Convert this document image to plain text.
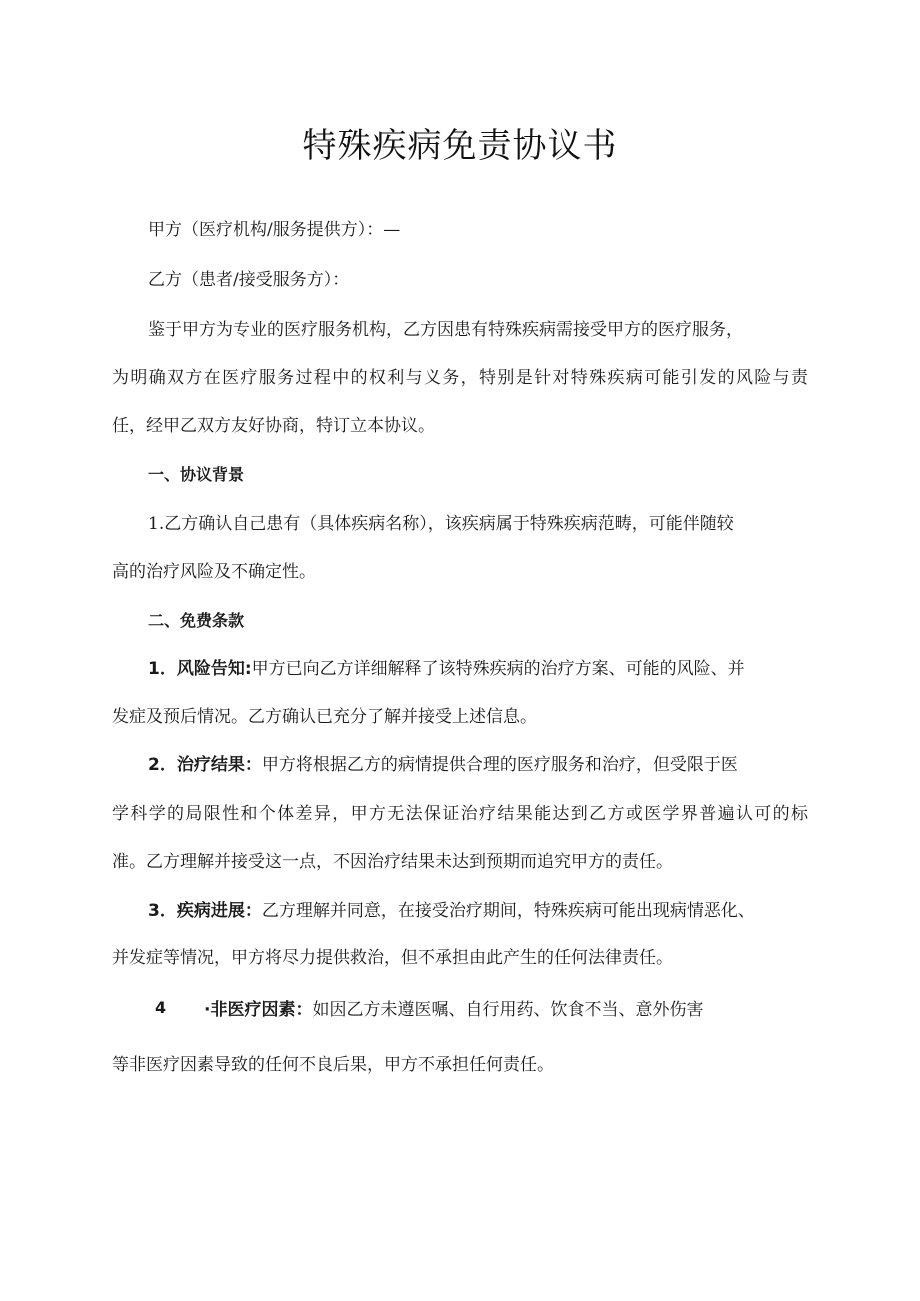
特殊疾病免责协议书
甲方（医疗机构/服务提供方）：—
乙方（患者/接受服务方）：
鉴于甲方为专业的医疗服务机构，乙方因患有特殊疾病需接受甲方的医疗服务，
为明确双方在医疗服务过程中的权利与义务，特别是针对特殊疾病可能引发的风险与责
任，经甲乙双方友好协商，特订立本协议。
一、协议背景
1.乙方确认自己患有（具体疾病名称），该疾病属于特殊疾病范畴，可能伴随较
高的治疗风险及不确定性。
二、免费条款
1．风险告知:甲方已向乙方详细解释了该特殊疾病的治疗方案、可能的风险、并
发症及预后情况。乙方确认已充分了解并接受上述信息。
2．治疗结果：甲方将根据乙方的病情提供合理的医疗服务和治疗，但受限于医
学科学的局限性和个体差异，甲方无法保证治疗结果能达到乙方或医学界普遍认可的标
准。乙方理解并接受这一点，不因治疗结果未达到预期而追究甲方的责任。
3．疾病进展：乙方理解并同意，在接受治疗期间，特殊疾病可能出现病情恶化、
并发症等情况，甲方将尽力提供救治，但不承担由此产生的任何法律责任。
4 ·非医疗因素：如因乙方未遵医嘱、自行用药、饮食不当、意外伤害
等非医疗因素导致的任何不良后果，甲方不承担任何责任。
